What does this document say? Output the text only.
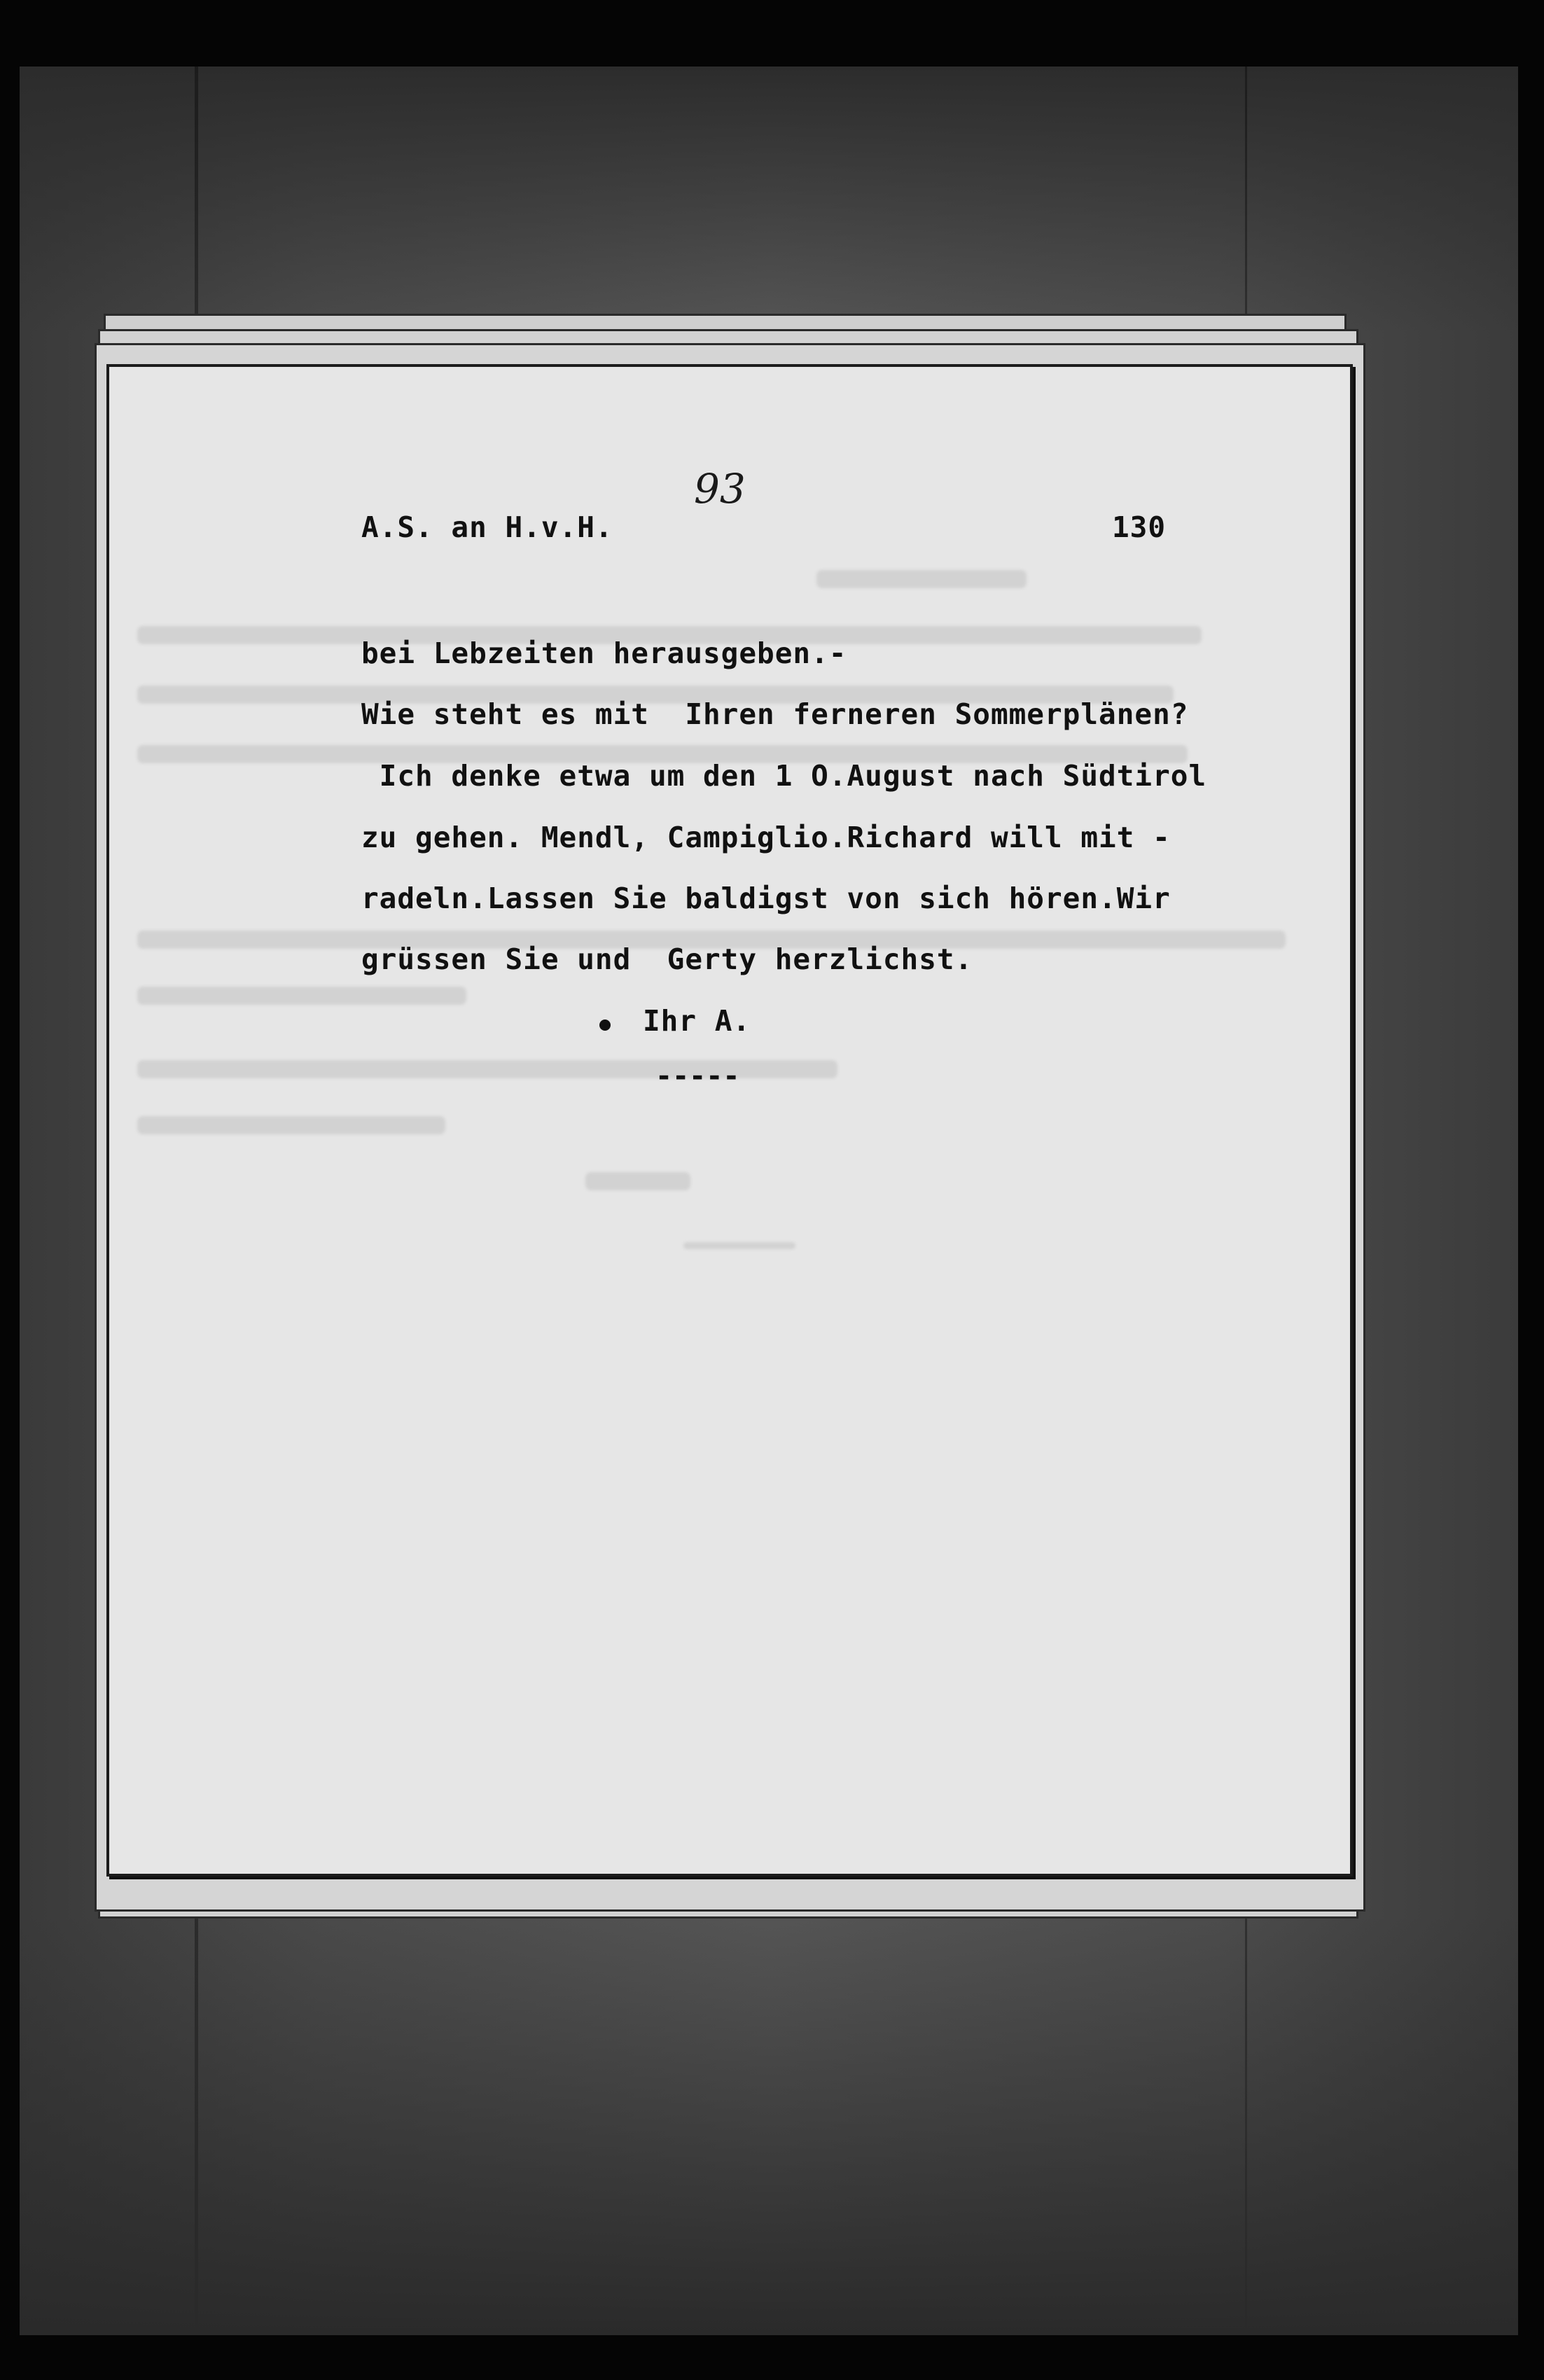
A.S. an H.v.H.
93
130
bei Lebzeiten herausgeben.-
Wie steht es mit  Ihren ferneren Sommerplänen?
Ich denke etwa um den 1 O.August nach Südtirol
zu gehen. Mendl, Campiglio.Richard will mit -
radeln.Lassen Sie baldigst von sich hören.Wir
grüssen Sie und  Gerty herzlichst.
Ihr A.
-----
